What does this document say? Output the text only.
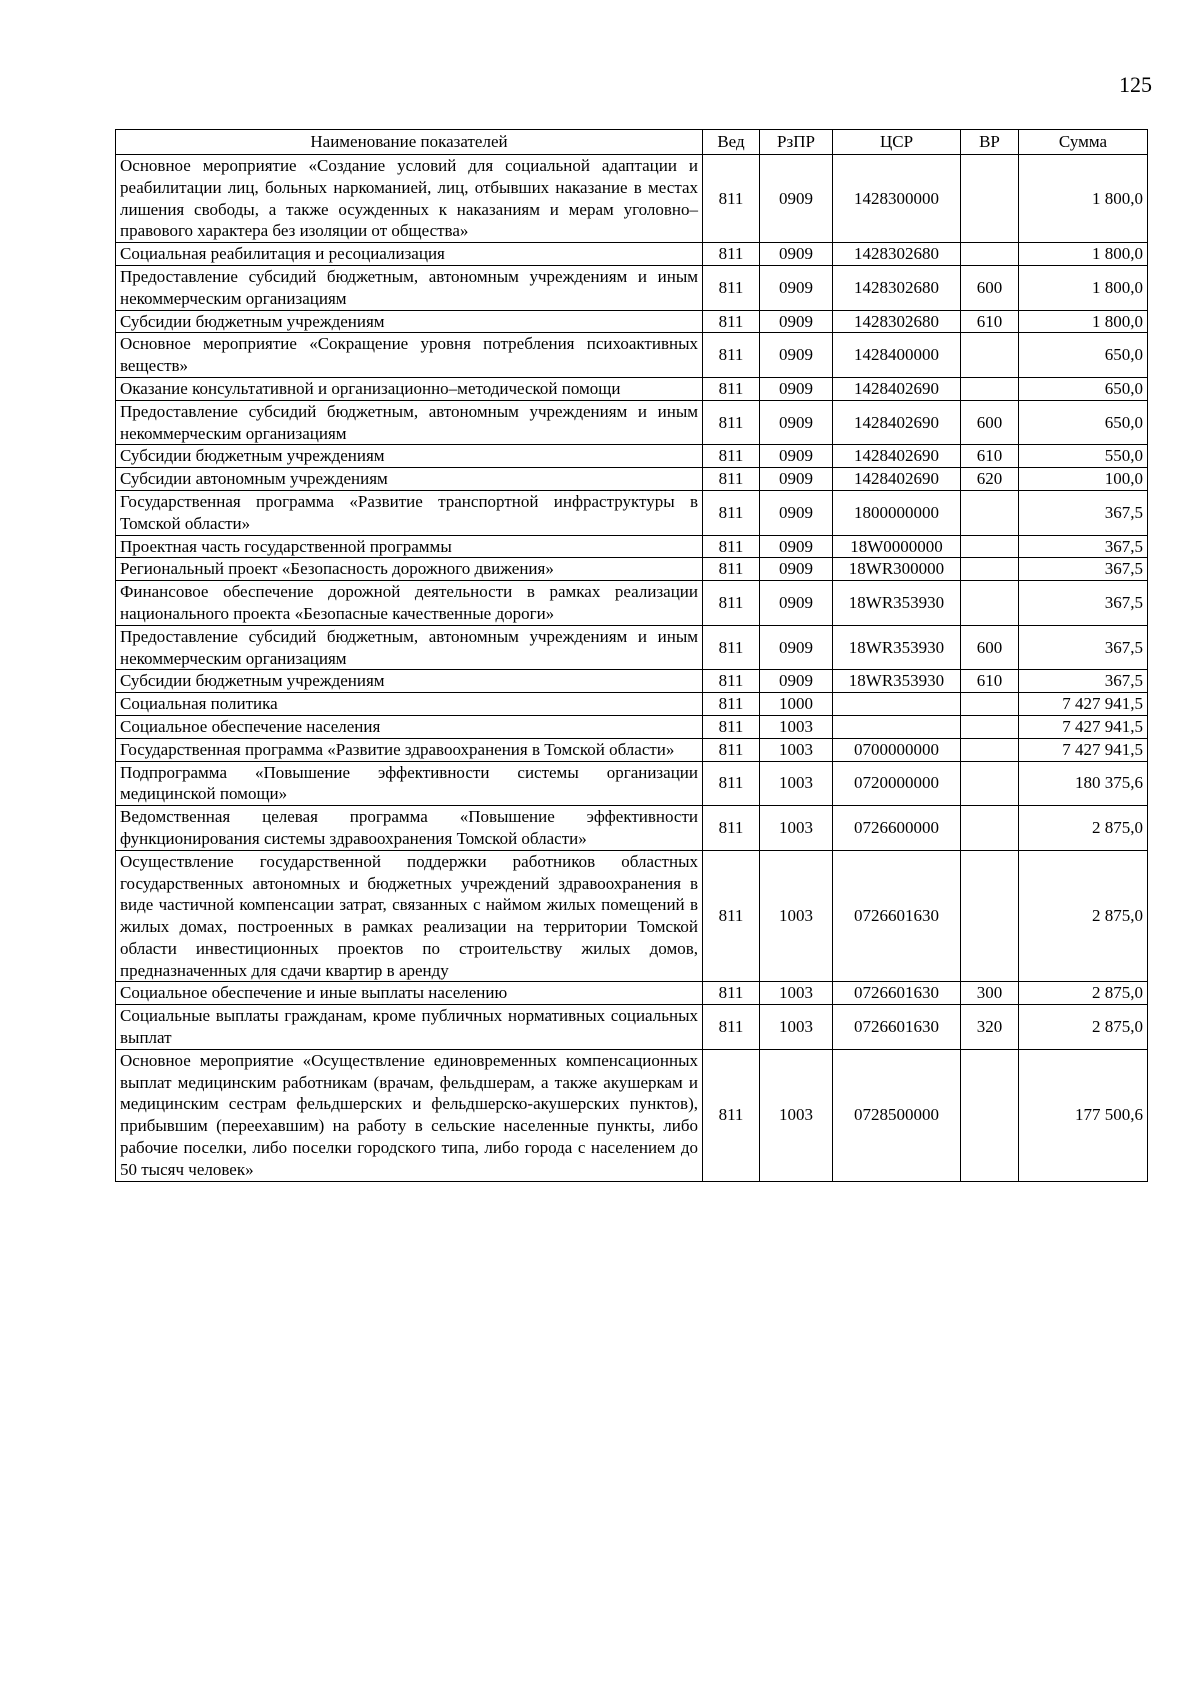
125
Наименование показателей	Вед	РзПР	ЦСР	ВР	Сумма
Основное мероприятие «Создание условий для социальной адаптации и реабилитации лиц, больных наркоманией, лиц, отбывших наказание в местах лишения свободы, а также осужденных к наказаниям и мерам уголовно–правового характера без изоляции от общества»	811	0909	1428300000		1 800,0
Социальная реабилитация и ресоциализация	811	0909	1428302680		1 800,0
Предоставление субсидий бюджетным, автономным учреждениям и иным некоммерческим организациям	811	0909	1428302680	600	1 800,0
Субсидии бюджетным учреждениям	811	0909	1428302680	610	1 800,0
Основное мероприятие «Сокращение уровня потребления психоактивных веществ»	811	0909	1428400000		650,0
Оказание консультативной и организационно–методической помощи	811	0909	1428402690		650,0
Предоставление субсидий бюджетным, автономным учреждениям и иным некоммерческим организациям	811	0909	1428402690	600	650,0
Субсидии бюджетным учреждениям	811	0909	1428402690	610	550,0
Субсидии автономным учреждениям	811	0909	1428402690	620	100,0
Государственная программа «Развитие транспортной инфраструктуры в Томской области»	811	0909	1800000000		367,5
Проектная часть государственной программы	811	0909	18W0000000		367,5
Региональный проект «Безопасность дорожного движения»	811	0909	18WR300000		367,5
Финансовое обеспечение дорожной деятельности в рамках реализации национального проекта «Безопасные качественные дороги»	811	0909	18WR353930		367,5
Предоставление субсидий бюджетным, автономным учреждениям и иным некоммерческим организациям	811	0909	18WR353930	600	367,5
Субсидии бюджетным учреждениям	811	0909	18WR353930	610	367,5
Социальная политика	811	1000			7 427 941,5
Социальное обеспечение населения	811	1003			7 427 941,5
Государственная программа «Развитие здравоохранения в Томской области»	811	1003	0700000000		7 427 941,5
Подпрограмма «Повышение эффективности системы организации медицинской помощи»	811	1003	0720000000		180 375,6
Ведомственная целевая программа «Повышение эффективности функционирования системы здравоохранения Томской области»	811	1003	0726600000		2 875,0
Осуществление государственной поддержки работников областных государственных автономных и бюджетных учреждений здравоохранения в виде частичной компенсации затрат, связанных с наймом жилых помещений в жилых домах, построенных в рамках реализации на территории Томской области инвестиционных проектов по строительству жилых домов, предназначенных для сдачи квартир в аренду	811	1003	0726601630		2 875,0
Социальное обеспечение и иные выплаты населению	811	1003	0726601630	300	2 875,0
Социальные выплаты гражданам, кроме публичных нормативных социальных выплат	811	1003	0726601630	320	2 875,0
Основное мероприятие «Осуществление единовременных компенсационных выплат медицинским работникам (врачам, фельдшерам, а также акушеркам и медицинским сестрам фельдшерских и фельдшерско-акушерских пунктов), прибывшим (переехавшим) на работу в сельские населенные пункты, либо рабочие поселки, либо поселки городского типа, либо города с населением до 50 тысяч человек»	811	1003	0728500000		177 500,6
